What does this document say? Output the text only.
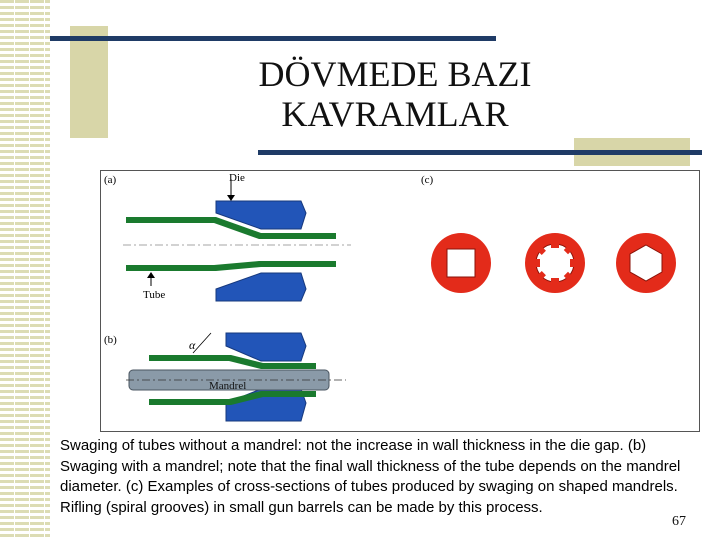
DÖVMEDE BAZI
KAVRAMLAR
(a)	(c)
(b)
Die
Tube
Mandrel
α
Swaging of tubes without a mandrel: not the increase in wall thickness in the die gap. (b) Swaging with a mandrel; note that the final wall thickness of the tube depends on the mandrel diameter. (c) Examples of cross-sections of tubes produced by swaging on shaped mandrels. Rifling (spiral grooves) in small gun barrels can be made by this process.
67
